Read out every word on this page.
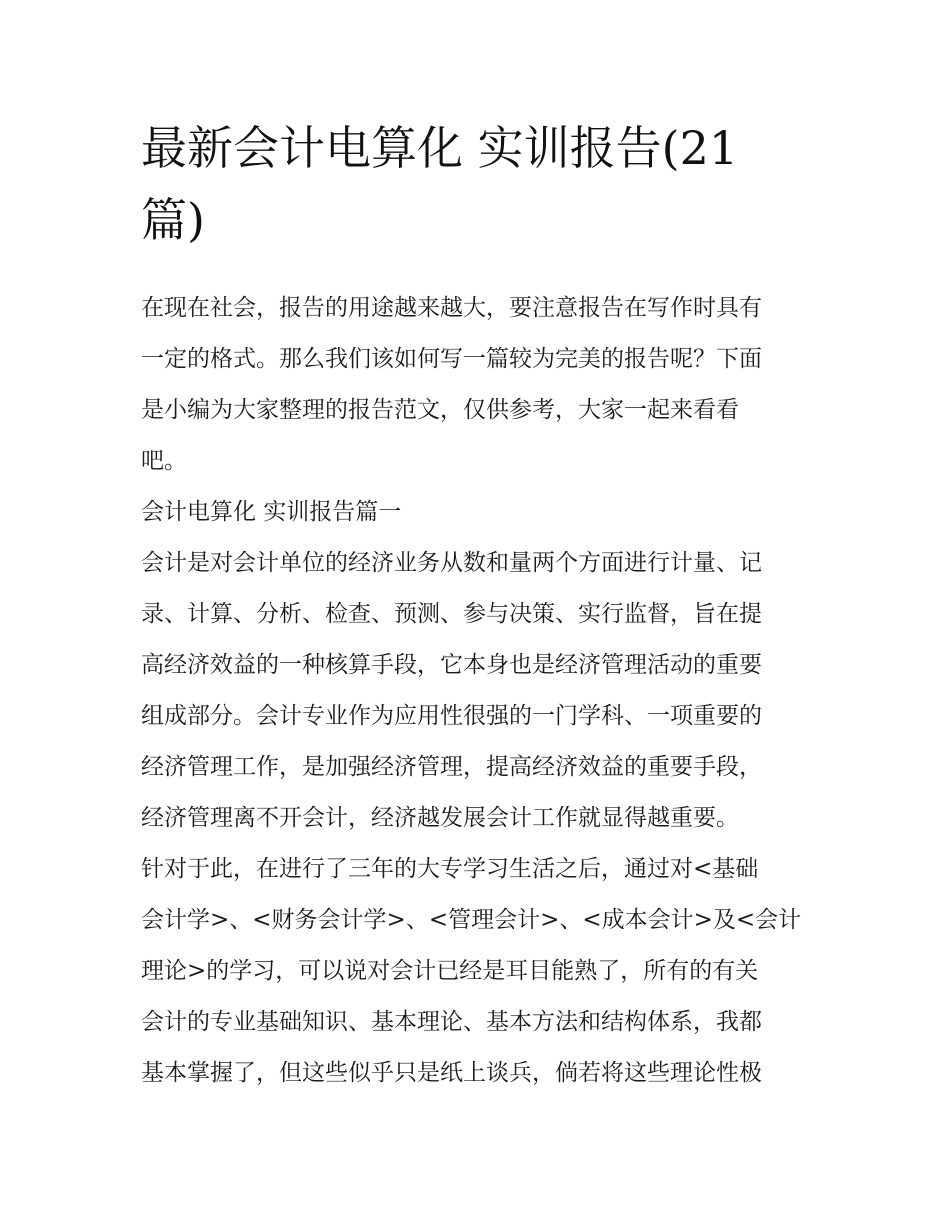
最新会计电算化 实训报告(21
篇)

在现在社会，报告的用途越来越大，要注意报告在写作时具有
一定的格式。那么我们该如何写一篇较为完美的报告呢？下面
是小编为大家整理的报告范文，仅供参考，大家一起来看看
吧。

会计电算化 实训报告篇一

会计是对会计单位的经济业务从数和量两个方面进行计量、记
录、计算、分析、检查、预测、参与决策、实行监督，旨在提
高经济效益的一种核算手段，它本身也是经济管理活动的重要
组成部分。会计专业作为应用性很强的一门学科、一项重要的
经济管理工作，是加强经济管理，提高经济效益的重要手段，
经济管理离不开会计，经济越发展会计工作就显得越重要。

针对于此，在进行了三年的大专学习生活之后，通过对<基础
会计学>、<财务会计学>、<管理会计>、<成本会计>及<会计
理论>的学习，可以说对会计已经是耳目能熟了，所有的有关
会计的专业基础知识、基本理论、基本方法和结构体系，我都
基本掌握了，但这些似乎只是纸上谈兵，倘若将这些理论性极
